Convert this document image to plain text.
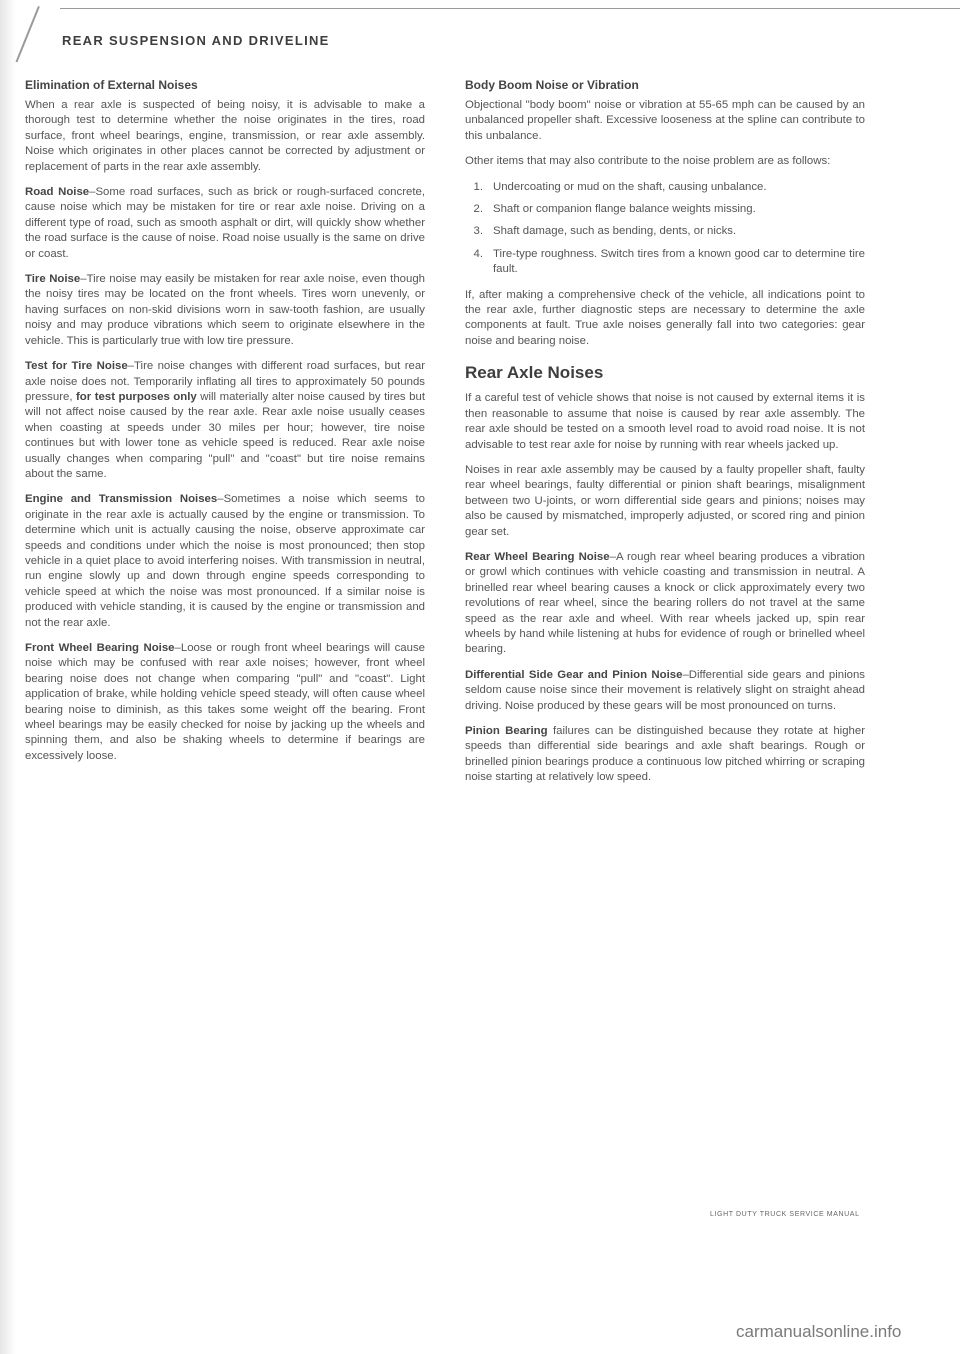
REAR SUSPENSION AND DRIVELINE

Elimination of External Noises

When a rear axle is suspected of being noisy, it is advisable to make a thorough test to determine whether the noise originates in the tires, road surface, front wheel bearings, engine, transmission, or rear axle assembly. Noise which originates in other places cannot be corrected by adjustment or replacement of parts in the rear axle assembly.

Road Noise–Some road surfaces, such as brick or rough-surfaced concrete, cause noise which may be mistaken for tire or rear axle noise. Driving on a different type of road, such as smooth asphalt or dirt, will quickly show whether the road surface is the cause of noise. Road noise usually is the same on drive or coast.

Tire Noise–Tire noise may easily be mistaken for rear axle noise, even though the noisy tires may be located on the front wheels. Tires worn unevenly, or having surfaces on non-skid divisions worn in saw-tooth fashion, are usually noisy and may produce vibrations which seem to originate elsewhere in the vehicle. This is particularly true with low tire pressure.

Test for Tire Noise–Tire noise changes with different road surfaces, but rear axle noise does not. Temporarily inflating all tires to approximately 50 pounds pressure, for test purposes only will materially alter noise caused by tires but will not affect noise caused by the rear axle. Rear axle noise usually ceases when coasting at speeds under 30 miles per hour; however, tire noise continues but with lower tone as vehicle speed is reduced. Rear axle noise usually changes when comparing "pull" and "coast" but tire noise remains about the same.

Engine and Transmission Noises–Sometimes a noise which seems to originate in the rear axle is actually caused by the engine or transmission. To determine which unit is actually causing the noise, observe approximate car speeds and conditions under which the noise is most pronounced; then stop vehicle in a quiet place to avoid interfering noises. With transmission in neutral, run engine slowly up and down through engine speeds corresponding to vehicle speed at which the noise was most pronounced. If a similar noise is produced with vehicle standing, it is caused by the engine or transmission and not the rear axle.

Front Wheel Bearing Noise–Loose or rough front wheel bearings will cause noise which may be confused with rear axle noises; however, front wheel bearing noise does not change when comparing "pull" and "coast". Light application of brake, while holding vehicle speed steady, will often cause wheel bearing noise to diminish, as this takes some weight off the bearing. Front wheel bearings may be easily checked for noise by jacking up the wheels and spinning them, and also be shaking wheels to determine if bearings are excessively loose.

Body Boom Noise or Vibration

Objectional "body boom" noise or vibration at 55-65 mph can be caused by an unbalanced propeller shaft. Excessive looseness at the spline can contribute to this unbalance.

Other items that may also contribute to the noise problem are as follows:

1. Undercoating or mud on the shaft, causing unbalance.
2. Shaft or companion flange balance weights missing.
3. Shaft damage, such as bending, dents, or nicks.
4. Tire-type roughness. Switch tires from a known good car to determine tire fault.

If, after making a comprehensive check of the vehicle, all indications point to the rear axle, further diagnostic steps are necessary to determine the axle components at fault. True axle noises generally fall into two categories: gear noise and bearing noise.

Rear Axle Noises

If a careful test of vehicle shows that noise is not caused by external items it is then reasonable to assume that noise is caused by rear axle assembly. The rear axle should be tested on a smooth level road to avoid road noise. It is not advisable to test rear axle for noise by running with rear wheels jacked up.

Noises in rear axle assembly may be caused by a faulty propeller shaft, faulty rear wheel bearings, faulty differential or pinion shaft bearings, misalignment between two U-joints, or worn differential side gears and pinions; noises may also be caused by mismatched, improperly adjusted, or scored ring and pinion gear set.

Rear Wheel Bearing Noise–A rough rear wheel bearing produces a vibration or growl which continues with vehicle coasting and transmission in neutral. A brinelled rear wheel bearing causes a knock or click approximately every two revolutions of rear wheel, since the bearing rollers do not travel at the same speed as the rear axle and wheel. With rear wheels jacked up, spin rear wheels by hand while listening at hubs for evidence of rough or brinelled wheel bearing.

Differential Side Gear and Pinion Noise–Differential side gears and pinions seldom cause noise since their movement is relatively slight on straight ahead driving. Noise produced by these gears will be most pronounced on turns.

Pinion Bearing failures can be distinguished because they rotate at higher speeds than differential side bearings and axle shaft bearings. Rough or brinelled pinion bearings produce a continuous low pitched whirring or scraping noise starting at relatively low speed.

LIGHT DUTY TRUCK SERVICE MANUAL
carmanualsonline.info
